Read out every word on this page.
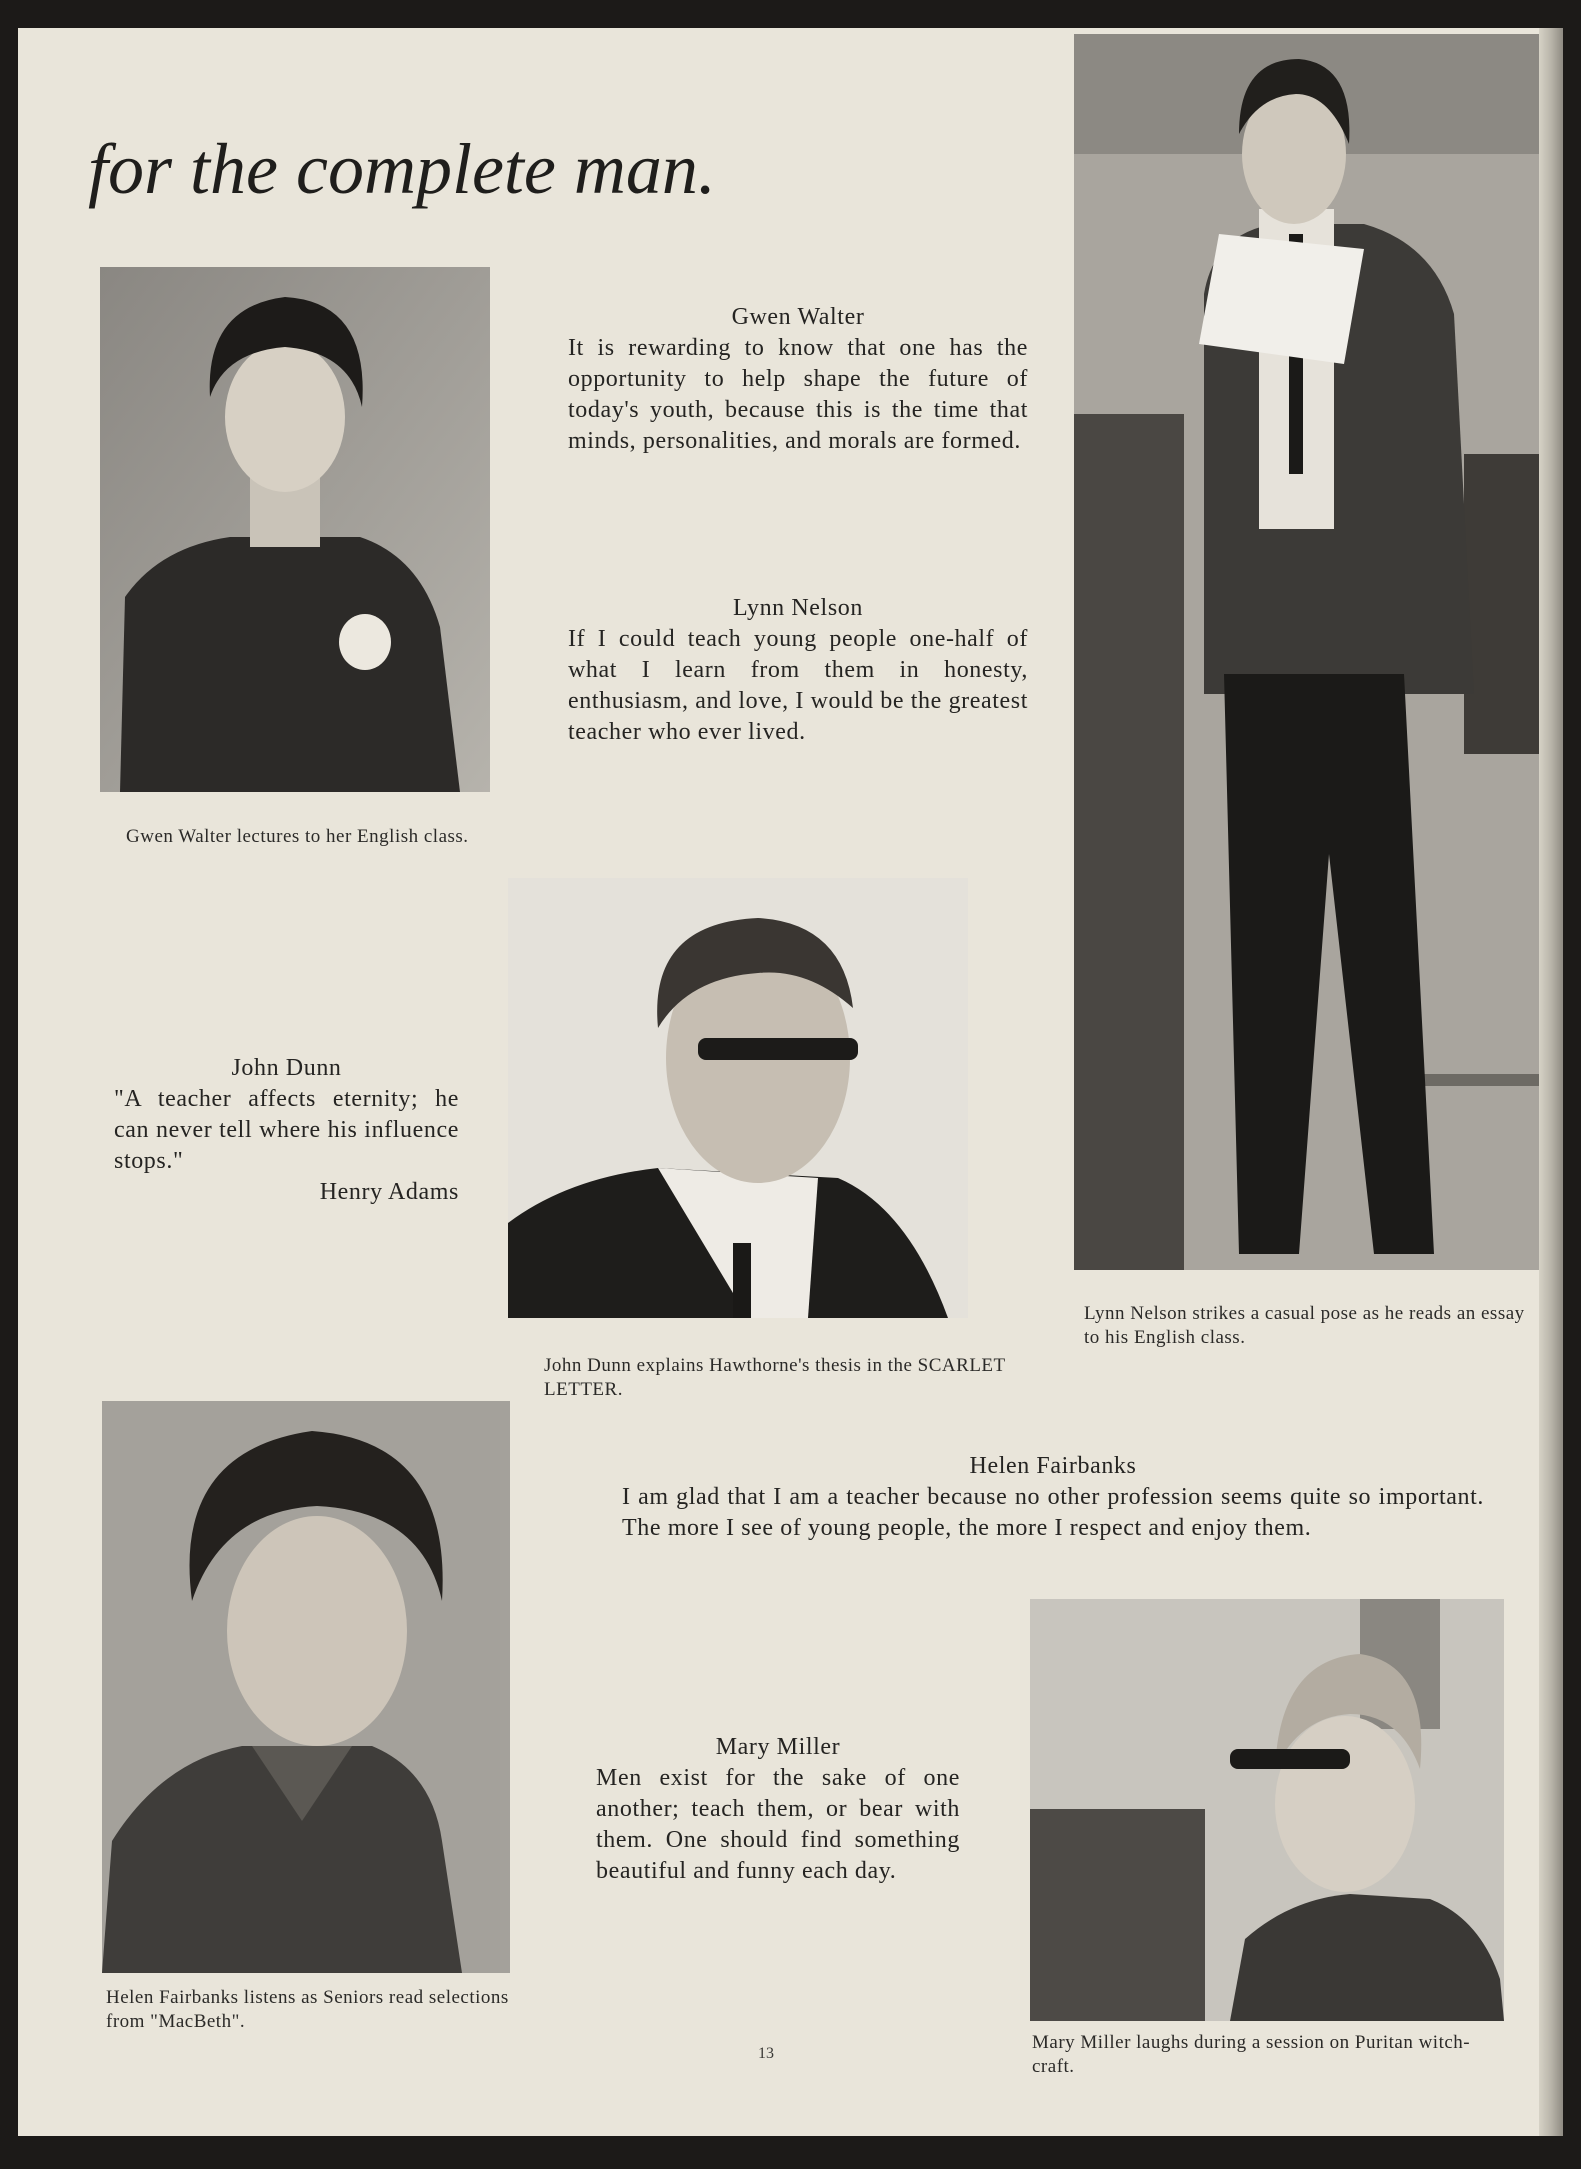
for the complete man.

Gwen Walter lectures to her English class.

Gwen Walter
It is rewarding to know that one has the opportunity to help shape the future of today's youth, because this is the time that minds, personalities, and morals are formed.
Lynn Nelson
If I could teach young people one-half of what I learn from them in honesty, enthusiasm, and love, I would be the greatest teacher who ever lived.

Lynn Nelson strikes a casual pose as he reads an essay to his English class.

John Dunn
"A teacher affects eternity; he can never tell where his influence stops."
Henry Adams

John Dunn explains Hawthorne's thesis in the SCARLET LETTER.

Helen Fairbanks
I am glad that I am a teacher because no other profession seems quite so important. The more I see of young people, the more I respect and enjoy them.

Helen Fairbanks listens as Seniors read selections from "MacBeth".

Mary Miller
Men exist for the sake of one another; teach them, or bear with them. One should find something beautiful and funny each day.

Mary Miller laughs during a session on Puritan witch-craft.

13
